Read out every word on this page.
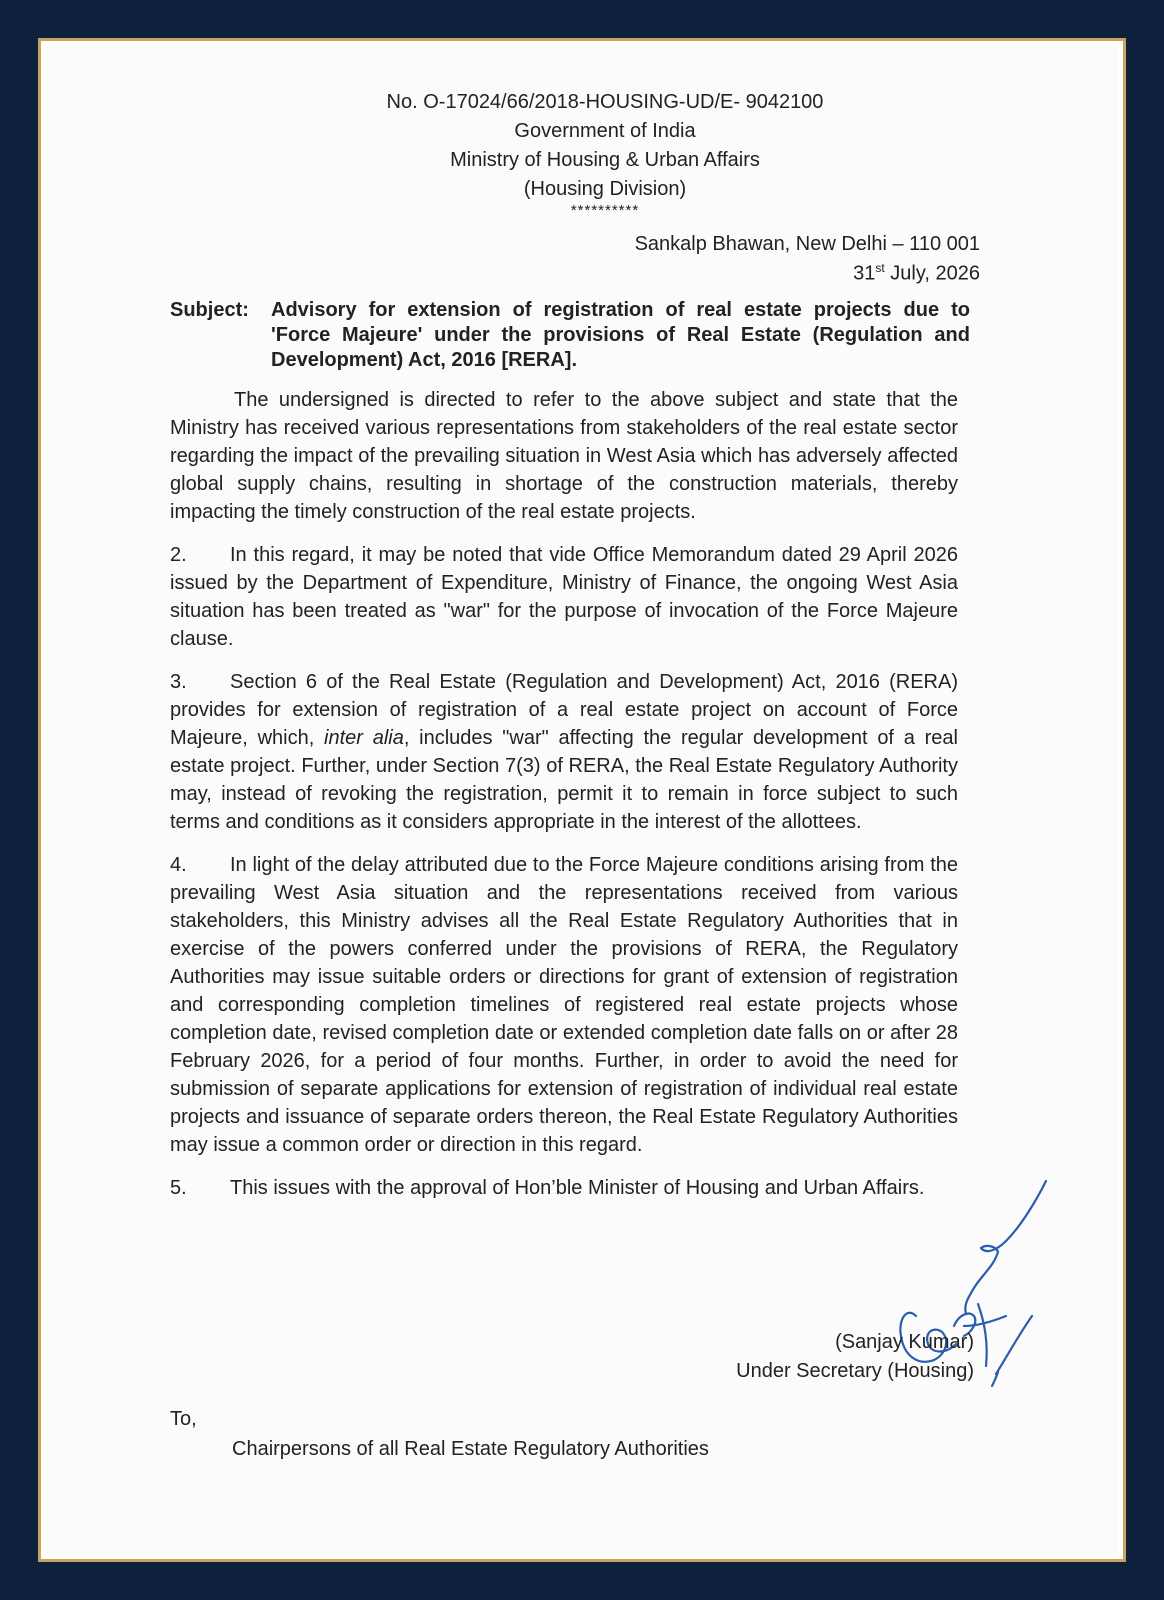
No. O-17024/66/2018-HOUSING-UD/E- 9042100
Government of India
Ministry of Housing & Urban Affairs
(Housing Division)
**********
Sankalp Bhawan, New Delhi – 110 001
31st July, 2026
Subject:	Advisory for extension of registration of real estate projects due to 'Force Majeure' under the provisions of Real Estate (Regulation and Development) Act, 2016 [RERA].

The undersigned is directed to refer to the above subject and state that the Ministry has received various representations from stakeholders of the real estate sector regarding the impact of the prevailing situation in West Asia which has adversely affected global supply chains, resulting in shortage of the construction materials, thereby impacting the timely construction of the real estate projects.

2. In this regard, it may be noted that vide Office Memorandum dated 29 April 2026 issued by the Department of Expenditure, Ministry of Finance, the ongoing West Asia situation has been treated as "war" for the purpose of invocation of the Force Majeure clause.

3. Section 6 of the Real Estate (Regulation and Development) Act, 2016 (RERA) provides for extension of registration of a real estate project on account of Force Majeure, which, inter alia, includes "war" affecting the regular development of a real estate project. Further, under Section 7(3) of RERA, the Real Estate Regulatory Authority may, instead of revoking the registration, permit it to remain in force subject to such terms and conditions as it considers appropriate in the interest of the allottees.

4. In light of the delay attributed due to the Force Majeure conditions arising from the prevailing West Asia situation and the representations received from various stakeholders, this Ministry advises all the Real Estate Regulatory Authorities that in exercise of the powers conferred under the provisions of RERA, the Regulatory Authorities may issue suitable orders or directions for grant of extension of registration and corresponding completion timelines of registered real estate projects whose completion date, revised completion date or extended completion date falls on or after 28 February 2026, for a period of four months. Further, in order to avoid the need for submission of separate applications for extension of registration of individual real estate projects and issuance of separate orders thereon, the Real Estate Regulatory Authorities may issue a common order or direction in this regard.

5. This issues with the approval of Hon’ble Minister of Housing and Urban Affairs.

(Sanjay Kumar)
Under Secretary (Housing)
To,
Chairpersons of all Real Estate Regulatory Authorities
